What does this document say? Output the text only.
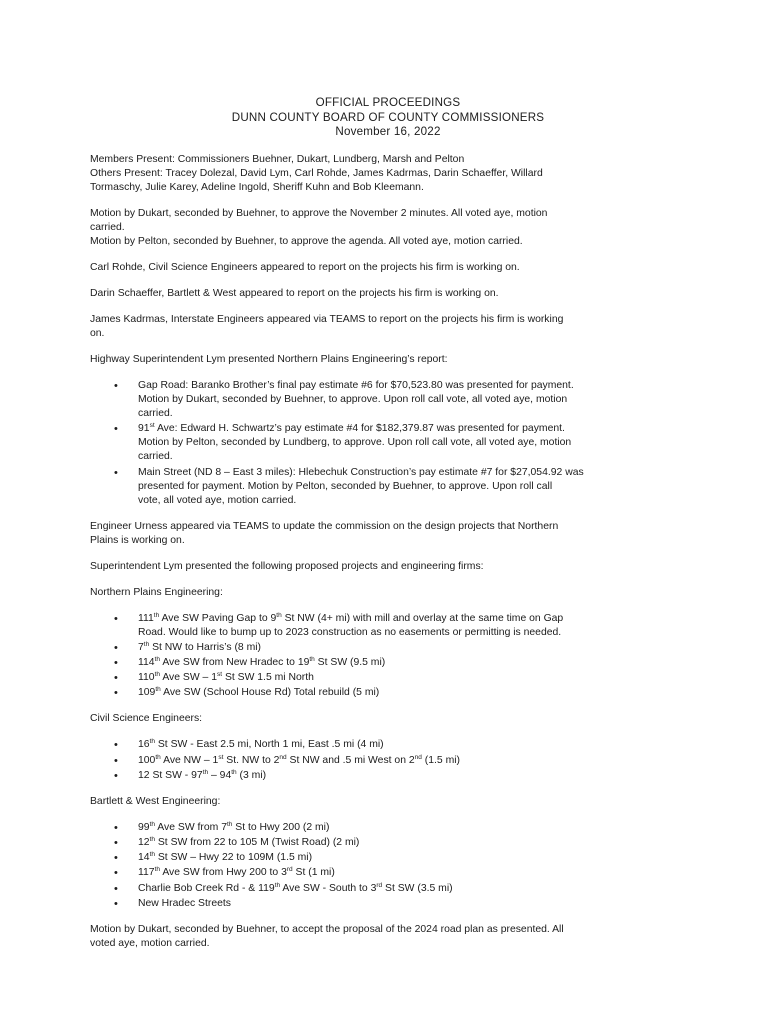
OFFICIAL PROCEEDINGS
DUNN COUNTY BOARD OF COUNTY COMMISSIONERS
November 16, 2022

Members Present: Commissioners Buehner, Dukart, Lundberg, Marsh and Pelton
Others Present: Tracey Dolezal, David Lym, Carl Rohde, James Kadrmas, Darin Schaeffer, Willard
Tormaschy, Julie Karey, Adeline Ingold, Sheriff Kuhn and Bob Kleemann.

Motion by Dukart, seconded by Buehner, to approve the November 2 minutes. All voted aye, motion
carried.
Motion by Pelton, seconded by Buehner, to approve the agenda. All voted aye, motion carried.

Carl Rohde, Civil Science Engineers appeared to report on the projects his firm is working on.

Darin Schaeffer, Bartlett & West appeared to report on the projects his firm is working on.

James Kadrmas, Interstate Engineers appeared via TEAMS to report on the projects his firm is working
on.

Highway Superintendent Lym presented Northern Plains Engineering’s report:

• Gap Road: Baranko Brother’s final pay estimate #6 for $70,523.80 was presented for payment.
Motion by Dukart, seconded by Buehner, to approve. Upon roll call vote, all voted aye, motion
carried.
• 91st Ave: Edward H. Schwartz’s pay estimate #4 for $182,379.87 was presented for payment.
Motion by Pelton, seconded by Lundberg, to approve. Upon roll call vote, all voted aye, motion
carried.
• Main Street (ND 8 – East 3 miles): Hlebechuk Construction’s pay estimate #7 for $27,054.92 was
presented for payment. Motion by Pelton, seconded by Buehner, to approve. Upon roll call
vote, all voted aye, motion carried.

Engineer Urness appeared via TEAMS to update the commission on the design projects that Northern
Plains is working on.

Superintendent Lym presented the following proposed projects and engineering firms:

Northern Plains Engineering:

• 111th Ave SW Paving Gap to 9th St NW (4+ mi) with mill and overlay at the same time on Gap
Road. Would like to bump up to 2023 construction as no easements or permitting is needed.
• 7th St NW to Harris’s (8 mi)
• 114th Ave SW from New Hradec to 19th St SW (9.5 mi)
• 110th Ave SW – 1st St SW 1.5 mi North
• 109th Ave SW (School House Rd) Total rebuild (5 mi)

Civil Science Engineers:

• 16th St SW - East 2.5 mi, North 1 mi, East .5 mi (4 mi)
• 100th Ave NW – 1st St. NW to 2nd St NW and .5 mi West on 2nd (1.5 mi)
• 12 St SW - 97th – 94th (3 mi)

Bartlett & West Engineering:

• 99th Ave SW from 7th St to Hwy 200 (2 mi)
• 12th St SW from 22 to 105 M (Twist Road) (2 mi)
• 14th St SW – Hwy 22 to 109M (1.5 mi)
• 117th Ave SW from Hwy 200 to 3rd St (1 mi)
• Charlie Bob Creek Rd - & 119th Ave SW - South to 3rd St SW (3.5 mi)
• New Hradec Streets

Motion by Dukart, seconded by Buehner, to accept the proposal of the 2024 road plan as presented. All
voted aye, motion carried.
